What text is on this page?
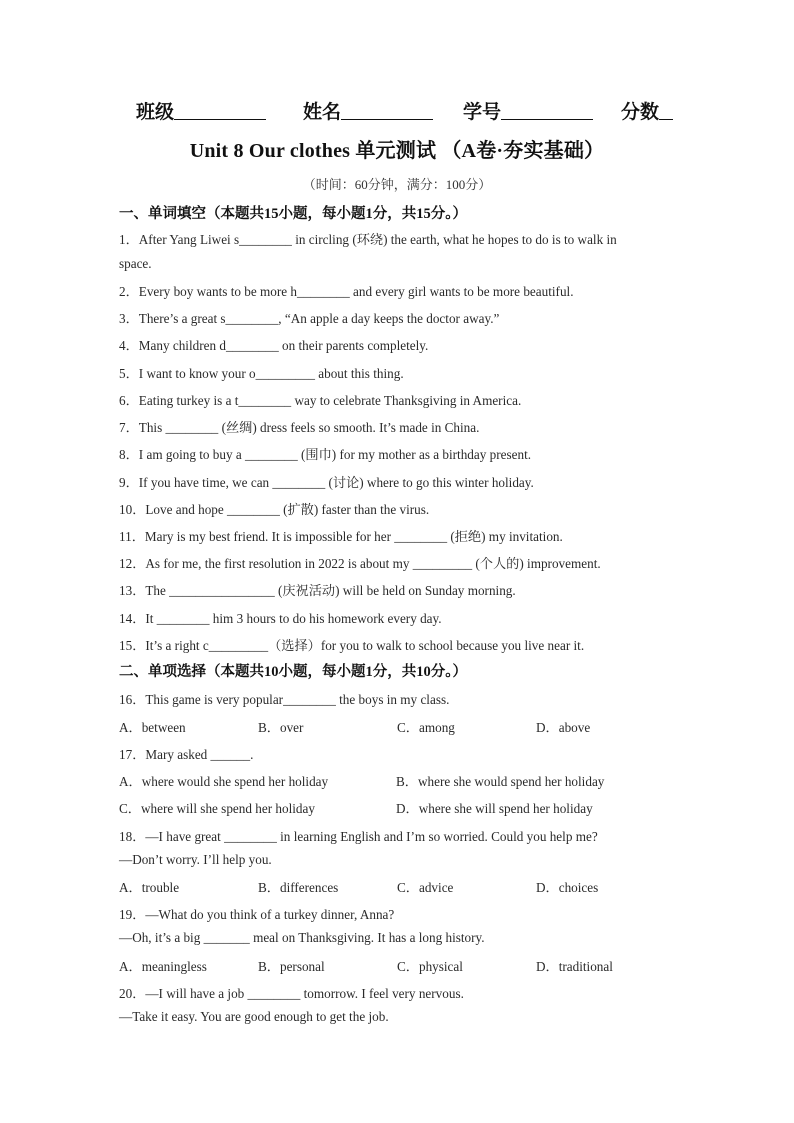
班级	姓名	学号	分数
Unit 8 Our clothes 单元测试 （A卷·夯实基础）
（时间：60分钟，满分：100分）
一、单词填空（本题共15小题，每小题1分，共15分。）
1．After Yang Liwei s________ in circling (环绕) the earth, what he hopes to do is to walk in
space.
2．Every boy wants to be more h________ and every girl wants to be more beautiful.
3．There’s a great s________, “An apple a day keeps the doctor away.”
4．Many children d________ on their parents completely.
5．I want to know your o_________ about this thing.
6．Eating turkey is a t________ way to celebrate Thanksgiving in America.
7．This ________ (丝绸) dress feels so smooth. It’s made in China.
8．I am going to buy a ________ (围巾) for my mother as a birthday present.
9．If you have time, we can ________ (讨论) where to go this winter holiday.
10．Love and hope ________ (扩散) faster than the virus.
11．Mary is my best friend. It is impossible for her ________ (拒绝) my invitation.
12．As for me, the first resolution in 2022 is about my _________ (个人的) improvement.
13．The ________________ (庆祝活动) will be held on Sunday morning.
14．It ________ him 3 hours to do his homework every day.
15．It’s a right c_________（选择）for you to walk to school because you live near it.
二、单项选择（本题共10小题，每小题1分，共10分。）
16．This game is very popular________ the boys in my class.
A．between	B．over	C．among	D．above
17．Mary asked ______.
A．where would she spend her holiday	B．where she would spend her holiday
C．where will she spend her holiday	D．where she will spend her holiday
18．—I have great ________ in learning English and I’m so worried. Could you help me?
—Don’t worry. I’ll help you.
A．trouble	B．differences	C．advice	D．choices
19．—What do you think of a turkey dinner, Anna?
—Oh, it’s a big _______ meal on Thanksgiving. It has a long history.
A．meaningless	B．personal	C．physical	D．traditional
20．—I will have a job ________ tomorrow. I feel very nervous.
—Take it easy. You are good enough to get the job.
